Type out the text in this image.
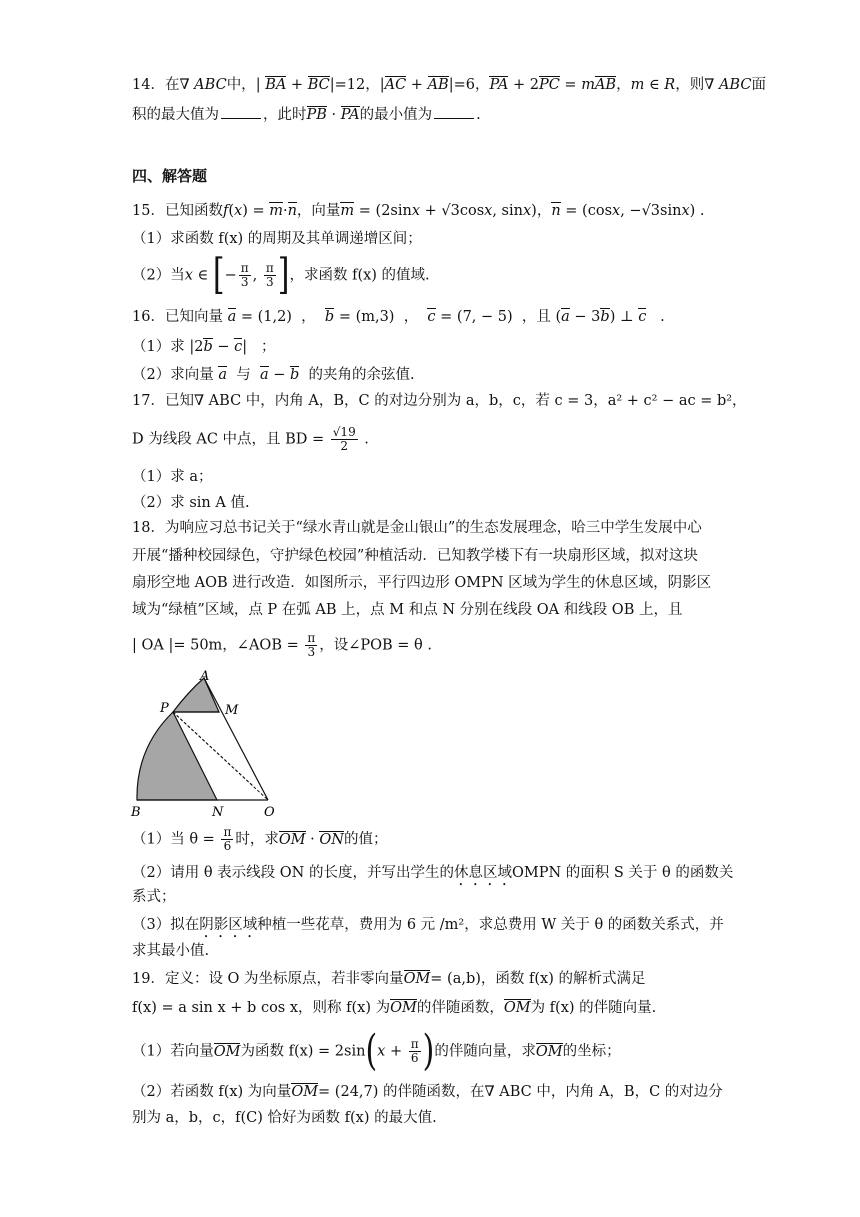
14．在∇ ABC中，| BA + BC|=12，|AC + AB|=6，PA + 2PC = mAB，m ∈ R，则∇ ABC面
积的最大值为	，此时PB · PA的最小值为	.
四、解答题
15．已知函数f(x) = m·n，向量m = (2sinx + √3cosx, sinx)，n = (cosx, −√3sinx) .
（1）求函数 f(x) 的周期及其单调递增区间；
（2）当x ∈ [− $\frac{\pi}{3}$ , $\frac{\pi}{3}$ ]，求函数 f(x) 的值域.
16．已知向量 a = (1,2)  ，  b = (m,3)  ，  c = (7, − 5) ，且 (a − 3b) ⊥ c   .
（1）求 |2b − c|   ；
（2）求向量 a 与 a − b 的夹角的余弦值.
17．已知∇ ABC 中，内角 A，B，C 的对边分别为 a，b，c，若 c = 3，a² + c² − ac = b²，
D 为线段 AC 中点，且 BD = $\frac{√19}{2}$ .
（1）求 a；
（2）求 sin A 值.
18．为响应习总书记关于“绿水青山就是金山银山”的生态发展理念，哈三中学生发展中心
开展“播种校园绿色，守护绿色校园”种植活动．已知教学楼下有一块扇形区域，拟对这块
扇形空地 AOB 进行改造．如图所示，平行四边形 OMPN 区域为学生的休息区域，阴影区
域为“绿植”区域，点 P 在弧 AB 上，点 M 和点 N 分别在线段 OA 和线段 OB 上，且
| OA |= 50m，∠AOB = $\frac{\pi}{3}$ ，设∠POB = θ .
A
P	M
B	N	O
（1）当 $\theta = \frac{\pi}{6}$ 时，求OM · ON的值；
（2）请用 θ 表示线段 ON 的长度，并写出学生的休息区域OMPN 的面积 S 关于 θ 的函数关
系式；
（3）拟在阴影区域种植一些花草，费用为 6 元 /m²，求总费用 W 关于 θ 的函数关系式，并
求其最小值.
19．定义：设 O 为坐标原点，若非零向量OM= (a,b)，函数 f(x) 的解析式满足
f(x) = a sin x + b cos x，则称 f(x) 为OM的伴随函数，OM为 f(x) 的伴随向量.
（1）若向量OM为函数 $f(x) = 2\sin(x + \frac{\pi}{6}$ )的伴随向量，求OM的坐标；
（2）若函数 f(x) 为向量OM= (24,7) 的伴随函数，在∇ ABC 中，内角 A，B，C 的对边分
别为 a，b，c，f(C) 恰好为函数 f(x) 的最大值.
